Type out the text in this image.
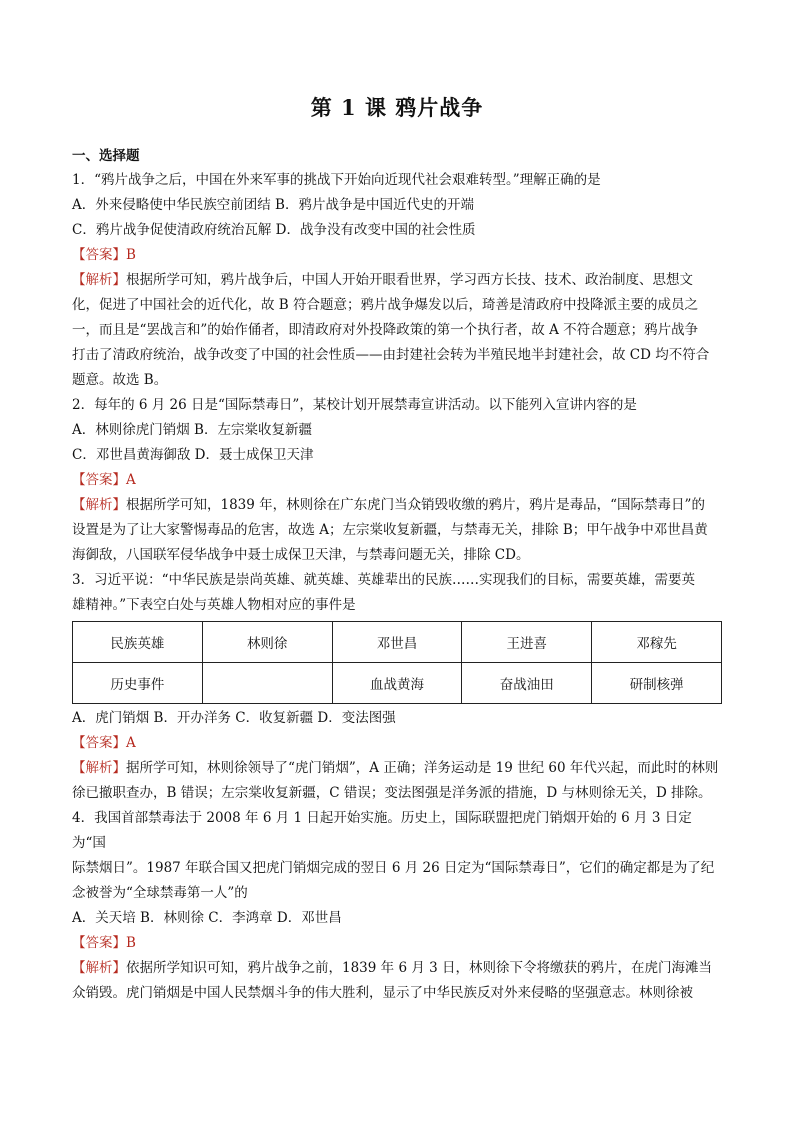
第 1 课 鸦片战争

一、选择题

1．“鸦片战争之后，中国在外来军事的挑战下开始向近现代社会艰难转型。”理解正确的是

A．外来侵略使中华民族空前团结 B．鸦片战争是中国近代史的开端

C．鸦片战争促使清政府统治瓦解 D．战争没有改变中国的社会性质

【答案】B

【解析】根据所学可知，鸦片战争后，中国人开始开眼看世界，学习西方长技、技术、政治制度、思想文

化，促进了中国社会的近代化，故 B 符合题意；鸦片战争爆发以后，琦善是清政府中投降派主要的成员之

一，而且是“罢战言和”的始作俑者，即清政府对外投降政策的第一个执行者，故 A 不符合题意；鸦片战争

打击了清政府统治，战争改变了中国的社会性质——由封建社会转为半殖民地半封建社会，故 CD 均不符合

题意。故选 B。

2．每年的 6 月 26 日是“国际禁毒日”，某校计划开展禁毒宣讲活动。以下能列入宣讲内容的是

A．林则徐虎门销烟 B．左宗棠收复新疆

C．邓世昌黄海御敌 D．聂士成保卫天津

【答案】A

【解析】根据所学可知，1839 年，林则徐在广东虎门当众销毁收缴的鸦片，鸦片是毒品，“国际禁毒日”的

设置是为了让大家警惕毒品的危害，故选 A；左宗棠收复新疆，与禁毒无关，排除 B；甲午战争中邓世昌黄

海御敌，八国联军侵华战争中聂士成保卫天津，与禁毒问题无关，排除 CD。

3．习近平说：“中华民族是崇尚英雄、就英雄、英雄辈出的民族……实现我们的目标，需要英雄，需要英

雄精神。”下表空白处与英雄人物相对应的事件是

民族英雄	林则徐	邓世昌	王进喜	邓稼先
历史事件		血战黄海	奋战油田	研制核弹

A．虎门销烟 B．开办洋务 C．收复新疆 D．变法图强

【答案】A

【解析】据所学可知，林则徐领导了“虎门销烟”，A 正确；洋务运动是 19 世纪 60 年代兴起，而此时的林则

徐已撤职查办，B 错误；左宗棠收复新疆，C 错误；变法图强是洋务派的措施，D 与林则徐无关，D 排除。

4．我国首部禁毒法于 2008 年 6 月 1 日起开始实施。历史上，国际联盟把虎门销烟开始的 6 月 3 日定为“国

际禁烟日”。1987 年联合国又把虎门销烟完成的翌日 6 月 26 日定为“国际禁毒日”，它们的确定都是为了纪

念被誉为“全球禁毒第一人”的

A．关天培 B．林则徐 C．李鸿章 D．邓世昌

【答案】B

【解析】依据所学知识可知，鸦片战争之前，1839 年 6 月 3 日，林则徐下令将缴获的鸦片，在虎门海滩当

众销毁。虎门销烟是中国人民禁烟斗争的伟大胜利，显示了中华民族反对外来侵略的坚强意志。林则徐被
